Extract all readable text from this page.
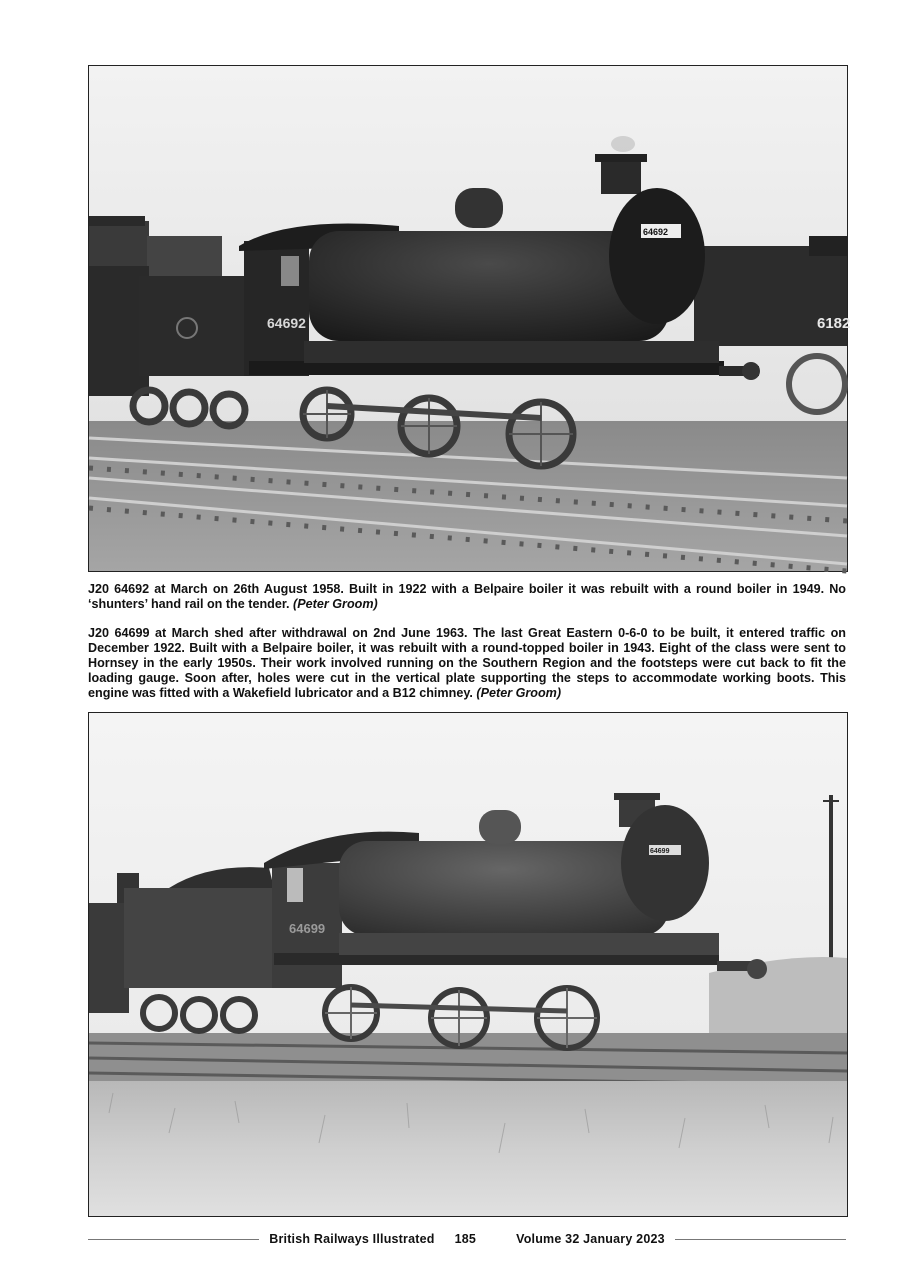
6182
64692
64692

J20 64692 at March on 26th August 1958. Built in 1922 with a Belpaire boiler it was rebuilt with a round boiler in 1949. No ‘shunters’ hand rail on the tender. (Peter Groom)

J20 64699 at March shed after withdrawal on 2nd June 1963. The last Great Eastern 0-6-0 to be built, it entered traffic on December 1922. Built with a Belpaire boiler, it was rebuilt with a round-topped boiler in 1943. Eight of the class were sent to Hornsey in the early 1950s. Their work involved running on the Southern Region and the footsteps were cut back to fit the loading gauge. Soon after, holes were cut in the vertical plate supporting the steps to accommodate working boots. This engine was fitted with a Wakefield lubricator and a B12 chimney. (Peter Groom)

64699
64699
British Railways Illustrated 185	Volume 32 January 2023
